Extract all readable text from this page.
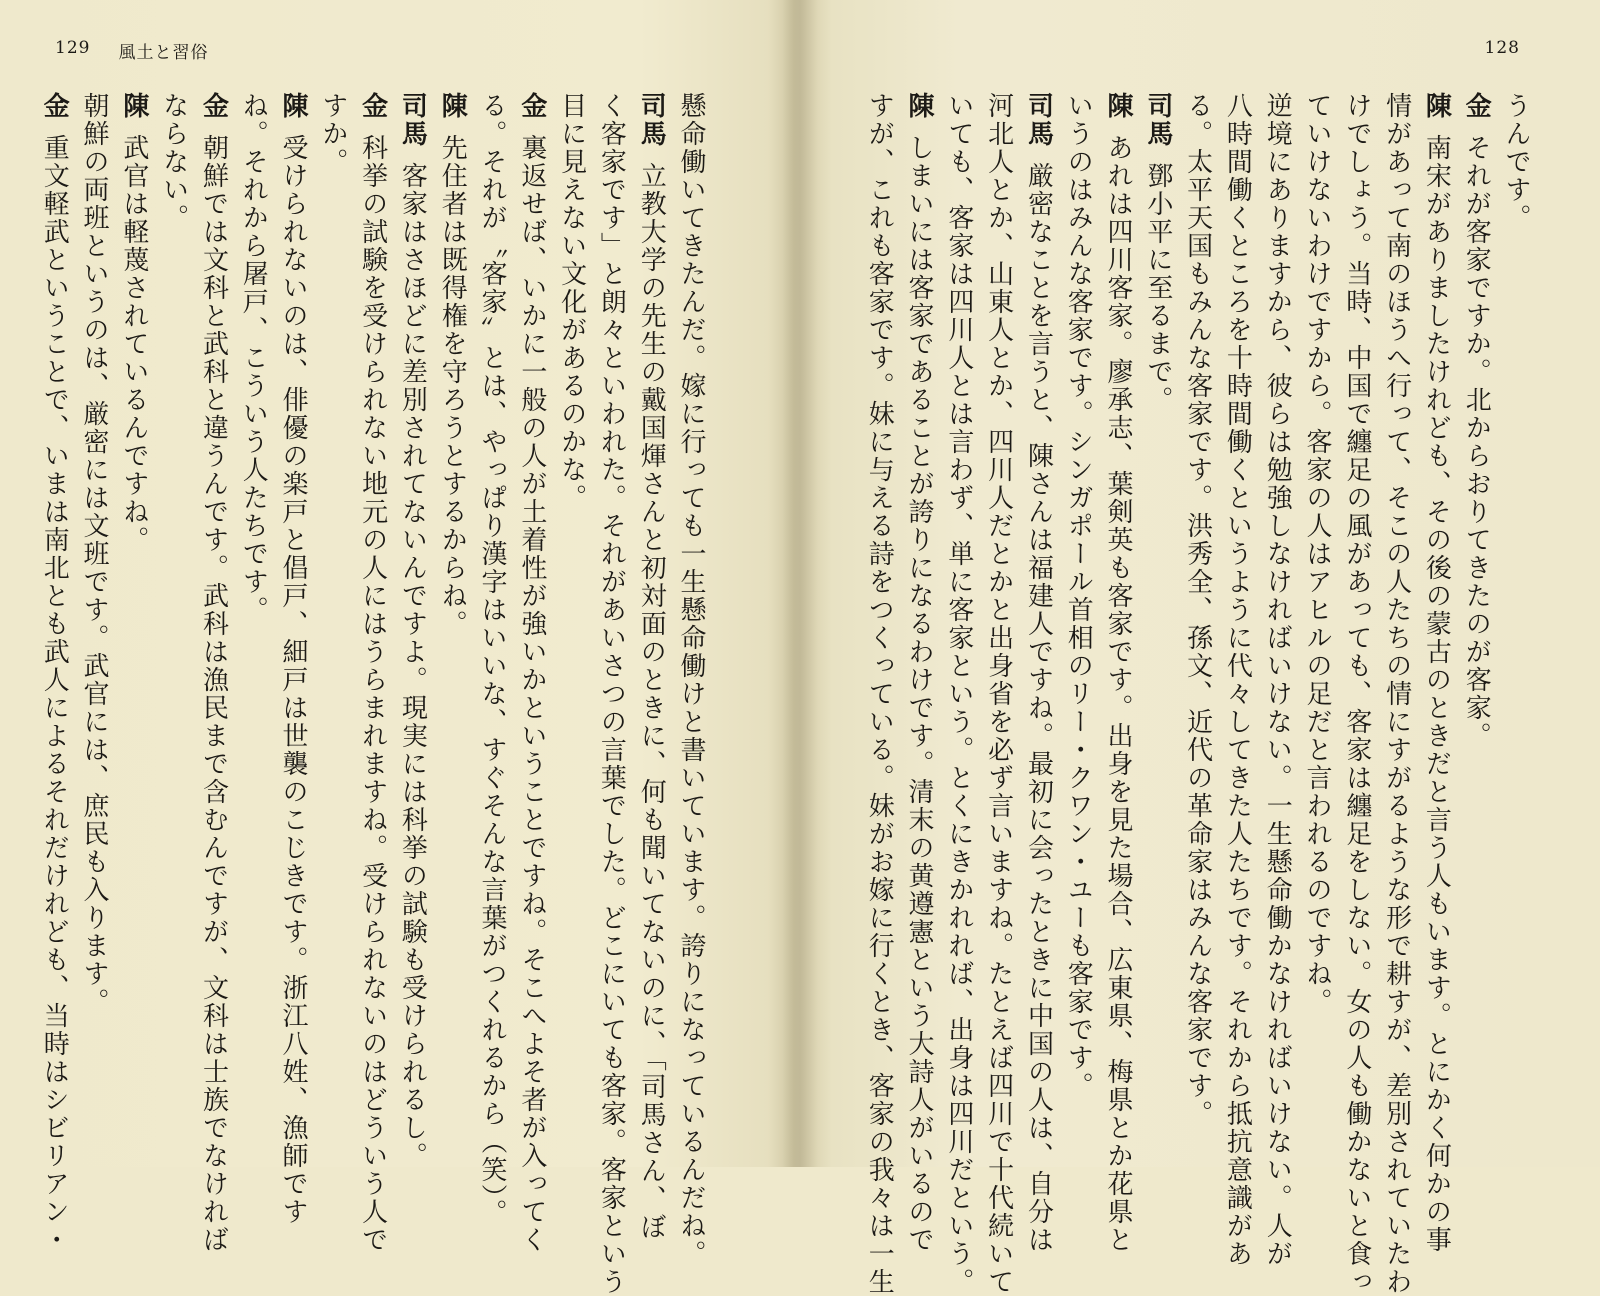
128
うんです。
金それが客家ですか。北からおりてきたのが客家。
陳南宋がありましたけれども、その後の蒙古のときだと言う人もいます。とにかく何かの事
情があって南のほうへ行って、そこの人たちの情にすがるような形で耕すが、差別されていたわ
けでしょう。当時、中国で纏足の風があっても、客家は纏足をしない。女の人も働かないと食っ
ていけないわけですから。客家の人はアヒルの足だと言われるのですね。
逆境にありますから、彼らは勉強しなければいけない。一生懸命働かなければいけない。人が
八時間働くところを十時間働くというように代々してきた人たちです。それから抵抗意識があ
る。太平天国もみんな客家です。洪秀全、孫文、近代の革命家はみんな客家です。
司馬鄧小平に至るまで。
陳あれは四川客家。廖承志、葉剣英も客家です。出身を見た場合、広東県、梅県とか花県と
いうのはみんな客家です。シンガポール首相のリー・クワン・ユーも客家です。
司馬厳密なことを言うと、陳さんは福建人ですね。最初に会ったときに中国の人は、自分は
河北人とか、山東人とか、四川人だとかと出身省を必ず言いますね。たとえば四川で十代続いて
いても、客家は四川人とは言わず、単に客家という。とくにきかれれば、出身は四川だという。
陳しまいには客家であることが誇りになるわけです。清末の黄遵憲という大詩人がいるので
すが、これも客家です。妹に与える詩をつくっている。妹がお嫁に行くとき、客家の我々は一生
129 風土と習俗
懸命働いてきたんだ。嫁に行っても一生懸命働けと書いています。誇りになっているんだね。
司馬立教大学の先生の戴国煇さんと初対面のときに、何も聞いてないのに、「司馬さん、ぼ
く客家です」と朗々といわれた。それがあいさつの言葉でした。どこにいても客家。客家という
目に見えない文化があるのかな。
金裏返せば、いかに一般の人が土着性が強いかということですね。そこへよそ者が入ってく
る。それが〝客家〟とは、やっぱり漢字はいいな、すぐそんな言葉がつくれるから（笑）。
陳先住者は既得権を守ろうとするからね。
司馬客家はさほどに差別されてないんですよ。現実には科挙の試験も受けられるし。
金科挙の試験を受けられない地元の人にはうらまれますね。受けられないのはどういう人で
すか。
陳受けられないのは、俳優の楽戸と倡戸、細戸は世襲のこじきです。浙江八姓、漁師です
ね。それから屠戸、こういう人たちです。
金朝鮮では文科と武科と違うんです。武科は漁民まで含むんですが、文科は士族でなければ
ならない。
陳武官は軽蔑されているんですね。
朝鮮の両班というのは、厳密には文班です。武官には、庶民も入ります。
金重文軽武ということで、いまは南北とも武人によるそれだけれども、当時はシビリアン・
